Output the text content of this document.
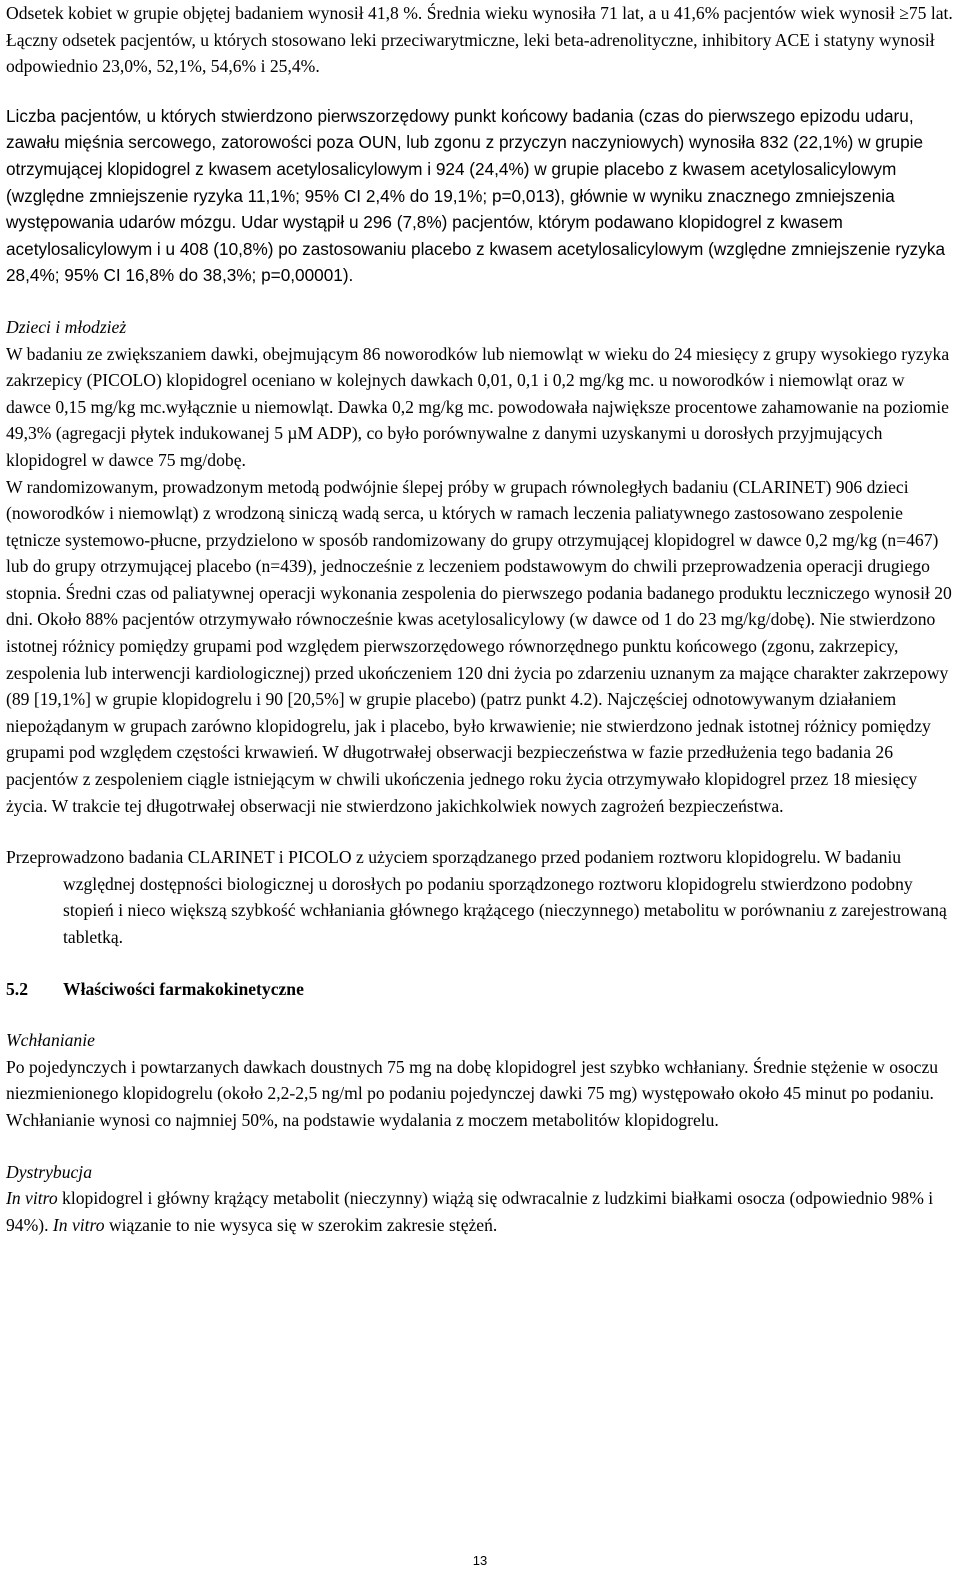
Odsetek kobiet w grupie objętej badaniem wynosił 41,8 %. Średnia wieku wynosiła 71 lat, a u 41,6% pacjentów wiek wynosił ≥75 lat. Łączny odsetek pacjentów, u których stosowano leki przeciwarytmiczne, leki beta-adrenolityczne, inhibitory ACE i statyny wynosił odpowiednio 23,0%, 52,1%, 54,6% i 25,4%.

Liczba pacjentów, u których stwierdzono pierwszorzędowy punkt końcowy badania (czas do pierwszego epizodu udaru, zawału mięśnia sercowego, zatorowości poza OUN, lub zgonu z przyczyn naczyniowych) wynosiła 832 (22,1%) w grupie otrzymującej klopidogrel z kwasem acetylosalicylowym i 924 (24,4%) w grupie placebo z kwasem acetylosalicylowym (względne zmniejszenie ryzyka 11,1%; 95% CI 2,4% do 19,1%; p=0,013), głównie w wyniku znacznego zmniejszenia występowania udarów mózgu. Udar wystąpił u 296 (7,8%) pacjentów, którym podawano klopidogrel z kwasem acetylosalicylowym i u 408 (10,8%) po zastosowaniu placebo z kwasem acetylosalicylowym (względne zmniejszenie ryzyka 28,4%; 95% CI 16,8% do 38,3%; p=0,00001).

Dzieci i młodzież

W badaniu ze zwiększaniem dawki, obejmującym 86 noworodków lub niemowląt w wieku do 24 miesięcy z grupy wysokiego ryzyka zakrzepicy (PICOLO) klopidogrel oceniano w kolejnych dawkach 0,01, 0,1 i 0,2 mg/kg mc. u noworodków i niemowląt oraz w dawce 0,15 mg/kg mc.wyłącznie u niemowląt. Dawka 0,2 mg/kg mc. powodowała największe procentowe zahamowanie na poziomie 49,3% (agregacji płytek indukowanej 5 µM ADP), co było porównywalne z danymi uzyskanymi u dorosłych przyjmujących klopidogrel w dawce 75 mg/dobę.

W randomizowanym, prowadzonym metodą podwójnie ślepej próby w grupach równoległych badaniu (CLARINET) 906 dzieci (noworodków i niemowląt) z wrodzoną siniczą wadą serca, u których w ramach leczenia paliatywnego zastosowano zespolenie tętnicze systemowo-płucne, przydzielono w sposób randomizowany do grupy otrzymującej klopidogrel w dawce 0,2 mg/kg (n=467) lub do grupy otrzymującej placebo (n=439), jednocześnie z leczeniem podstawowym do chwili przeprowadzenia operacji drugiego stopnia. Średni czas od paliatywnej operacji wykonania zespolenia do pierwszego podania badanego produktu leczniczego wynosił 20 dni. Około 88% pacjentów otrzymywało równocześnie kwas acetylosalicylowy (w dawce od 1 do 23 mg/kg/dobę). Nie stwierdzono istotnej różnicy pomiędzy grupami pod względem pierwszorzędowego równorzędnego punktu końcowego (zgonu, zakrzepicy, zespolenia lub interwencji kardiologicznej) przed ukończeniem 120 dni życia po zdarzeniu uznanym za mające charakter zakrzepowy (89 [19,1%] w grupie klopidogrelu i 90 [20,5%] w grupie placebo) (patrz punkt 4.2). Najczęściej odnotowywanym działaniem niepożądanym w grupach zarówno klopidogrelu, jak i placebo, było krwawienie; nie stwierdzono jednak istotnej różnicy pomiędzy grupami pod względem częstości krwawień. W długotrwałej obserwacji bezpieczeństwa w fazie przedłużenia tego badania 26 pacjentów z zespoleniem ciągle istniejącym w chwili ukończenia jednego roku życia otrzymywało klopidogrel przez 18 miesięcy życia. W trakcie tej długotrwałej obserwacji nie stwierdzono jakichkolwiek nowych zagrożeń bezpieczeństwa.

Przeprowadzono badania CLARINET i PICOLO z użyciem sporządzanego przed podaniem roztworu klopidogrelu. W badaniu względnej dostępności biologicznej u dorosłych po podaniu sporządzonego roztworu klopidogrelu stwierdzono podobny stopień i nieco większą szybkość wchłaniania głównego krążącego (nieczynnego) metabolitu w porównaniu z zarejestrowaną tabletką.

5.2	Właściwości farmakokinetyczne

Wchłanianie

Po pojedynczych i powtarzanych dawkach doustnych 75 mg na dobę klopidogrel jest szybko wchłaniany. Średnie stężenie w osoczu niezmienionego klopidogrelu (około 2,2-2,5 ng/ml po podaniu pojedynczej dawki 75 mg) występowało około 45 minut po podaniu. Wchłanianie wynosi co najmniej 50%, na podstawie wydalania z moczem metabolitów klopidogrelu.

Dystrybucja

In vitro klopidogrel i główny krążący metabolit (nieczynny) wiążą się odwracalnie z ludzkimi białkami osocza (odpowiednio 98% i 94%). In vitro wiązanie to nie wysyca się w szerokim zakresie stężeń.

13
